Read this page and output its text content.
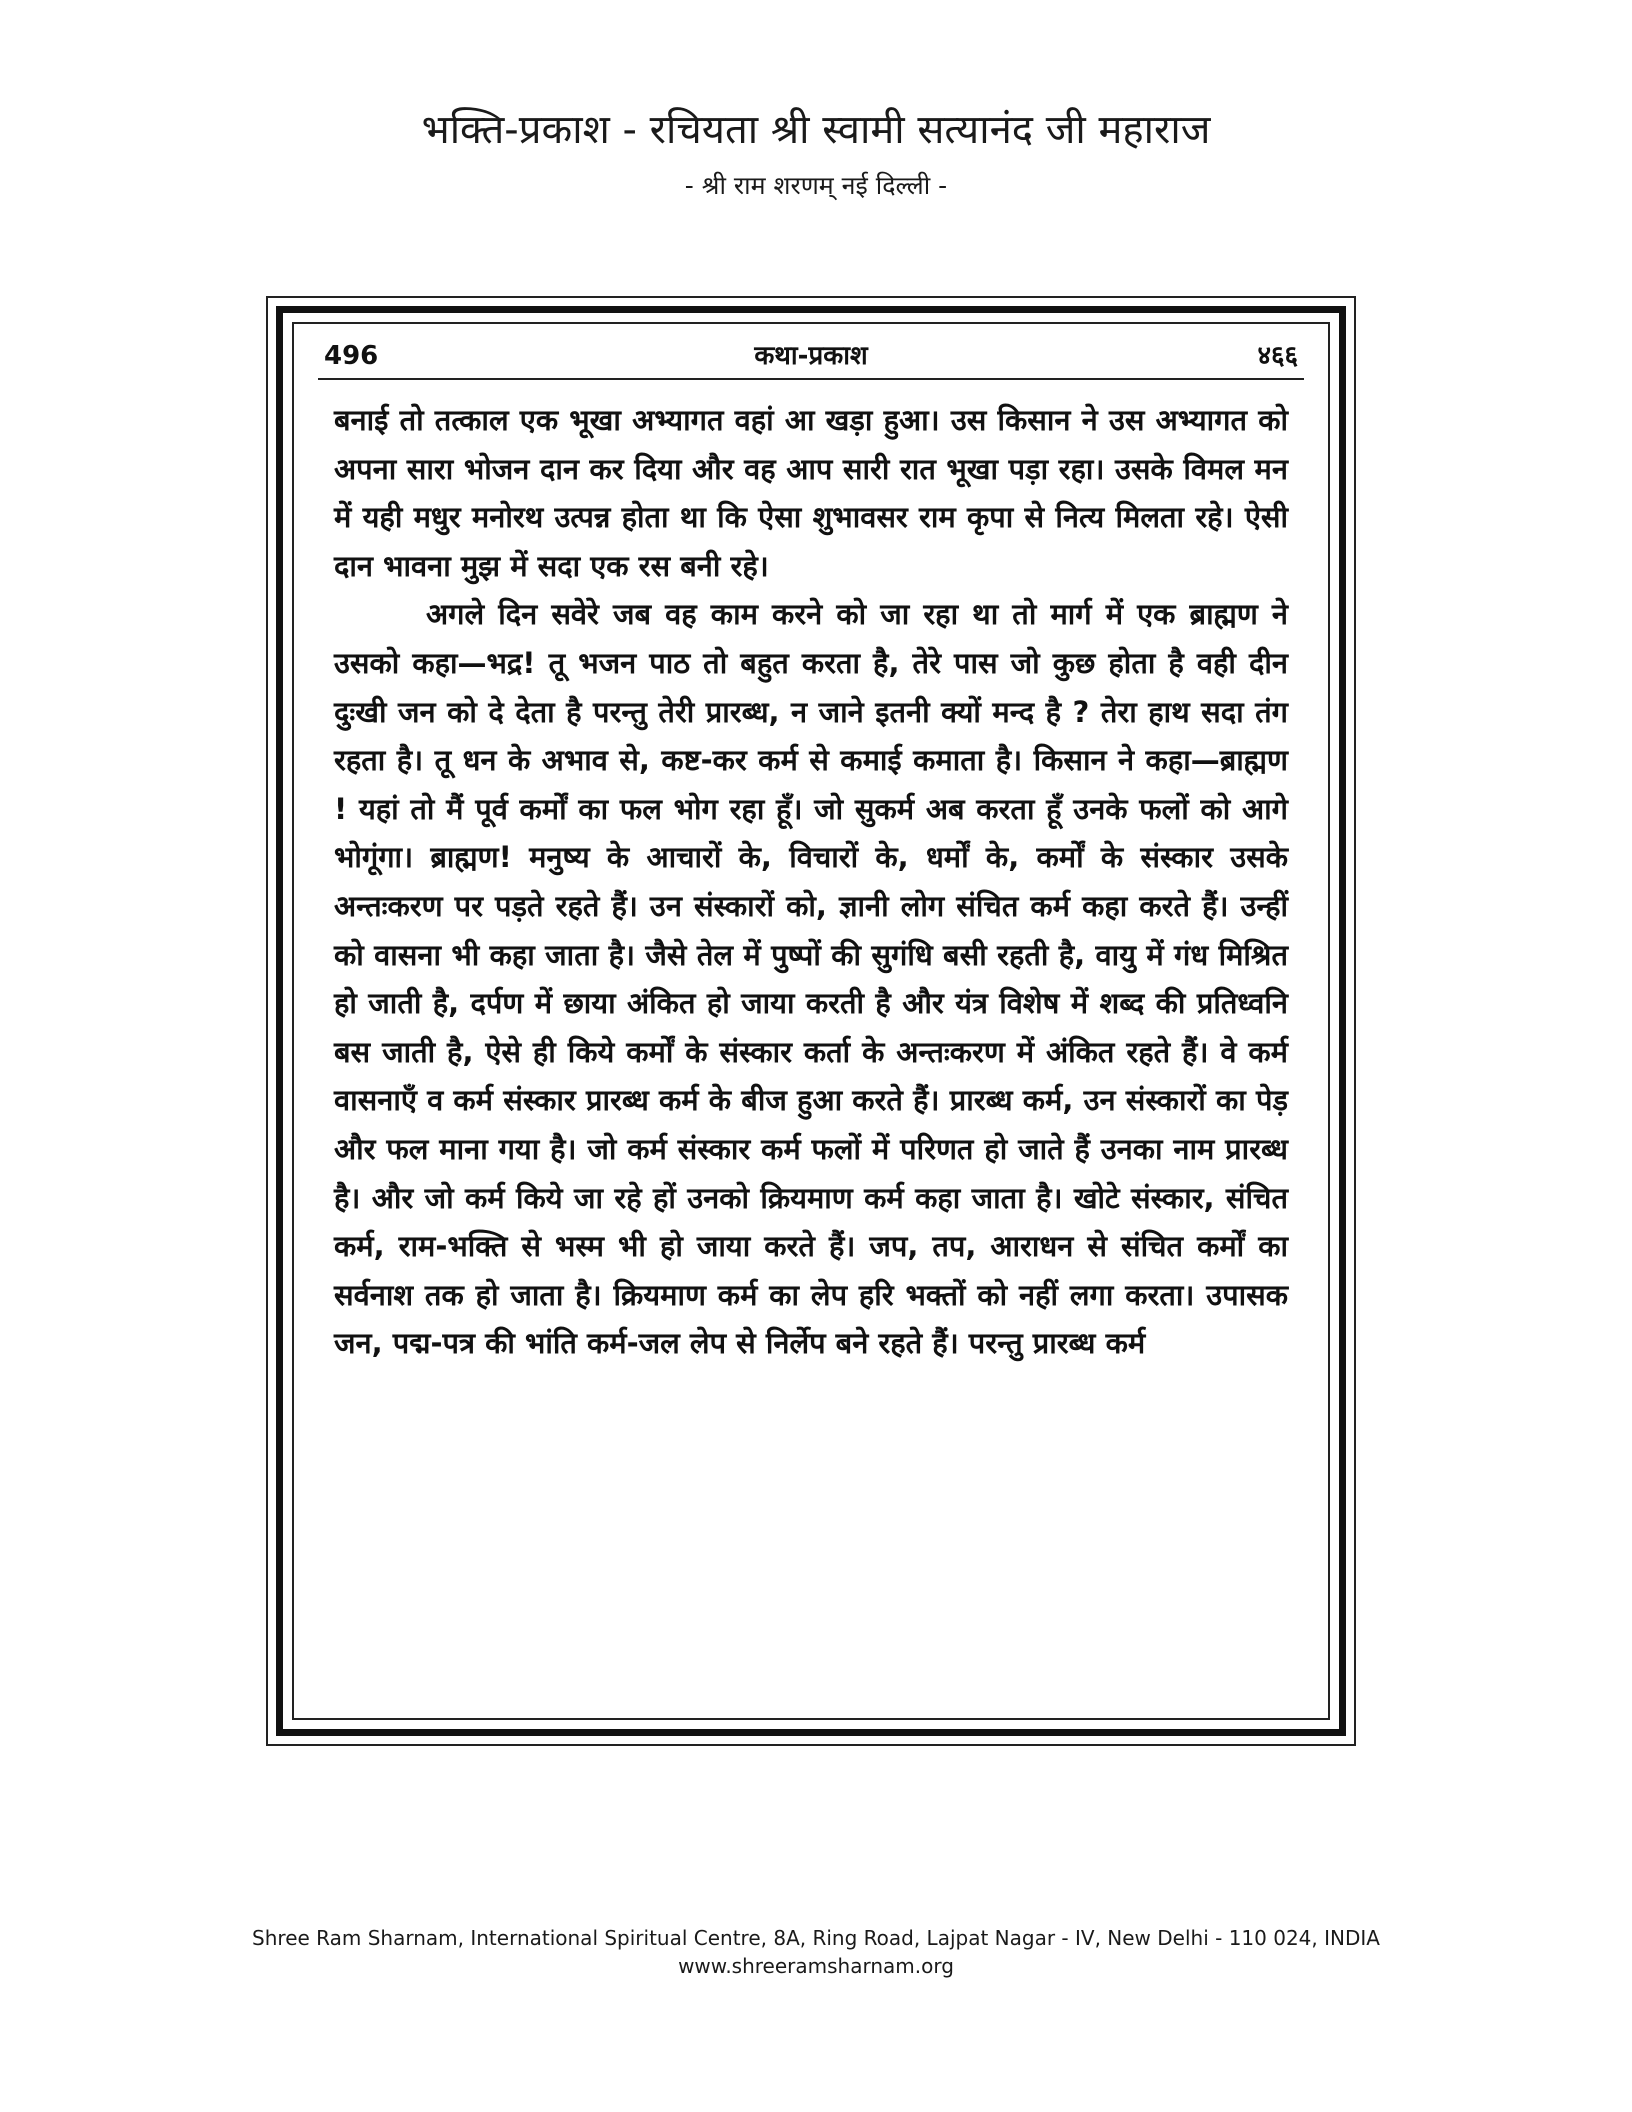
भक्ति-प्रकाश - रचियता श्री स्वामी सत्यानंद जी महाराज
- श्री राम शरणम् नई दिल्ली -
496	कथा-प्रकाश	४६६

बनाई तो तत्काल एक भूखा अभ्यागत वहां आ खड़ा हुआ। उस किसान ने उस अभ्यागत को अपना सारा भोजन दान कर दिया और वह आप सारी रात भूखा पड़ा रहा। उसके विमल मन में यही मधुर मनोरथ उत्पन्न होता था कि ऐसा शुभावसर राम कृपा से नित्य मिलता रहे। ऐसी दान भावना मुझ में सदा एक रस बनी रहे।

अगले दिन सवेरे जब वह काम करने को जा रहा था तो मार्ग में एक ब्राह्मण ने उसको कहा—भद्र! तू भजन पाठ तो बहुत करता है, तेरे पास जो कुछ होता है वही दीन दुःखी जन को दे देता है परन्तु तेरी प्रारब्ध, न जाने इतनी क्यों मन्द है ? तेरा हाथ सदा तंग रहता है। तू धन के अभाव से, कष्ट-कर कर्म से कमाई कमाता है। किसान ने कहा—ब्राह्मण ! यहां तो मैं पूर्व कर्मों का फल भोग रहा हूँ। जो सुकर्म अब करता हूँ उनके फलों को आगे भोगूंगा। ब्राह्मण! मनुष्य के आचारों के, विचारों के, धर्मों के, कर्मों के संस्कार उसके अन्तःकरण पर पड़ते रहते हैं। उन संस्कारों को, ज्ञानी लोग संचित कर्म कहा करते हैं। उन्हीं को वासना भी कहा जाता है। जैसे तेल में पुष्पों की सुगंधि बसी रहती है, वायु में गंध मिश्रित हो जाती है, दर्पण में छाया अंकित हो जाया करती है और यंत्र विशेष में शब्द की प्रतिध्वनि बस जाती है, ऐसे ही किये कर्मों के संस्कार कर्ता के अन्तःकरण में अंकित रहते हैं। वे कर्म वासनाएँ व कर्म संस्कार प्रारब्ध कर्म के बीज हुआ करते हैं। प्रारब्ध कर्म, उन संस्कारों का पेड़ और फल माना गया है। जो कर्म संस्कार कर्म फलों में परिणत हो जाते हैं उनका नाम प्रारब्ध है। और जो कर्म किये जा रहे हों उनको क्रियमाण कर्म कहा जाता है। खोटे संस्कार, संचित कर्म, राम-भक्ति से भस्म भी हो जाया करते हैं। जप, तप, आराधन से संचित कर्मों का सर्वनाश तक हो जाता है। क्रियमाण कर्म का लेप हरि भक्तों को नहीं लगा करता। उपासक जन, पद्म-पत्र की भांति कर्म-जल लेप से निर्लेप बने रहते हैं। परन्तु प्रारब्ध कर्म

Shree Ram Sharnam, International Spiritual Centre, 8A, Ring Road, Lajpat Nagar - IV, New Delhi - 110 024, INDIA
www.shreeramsharnam.org
